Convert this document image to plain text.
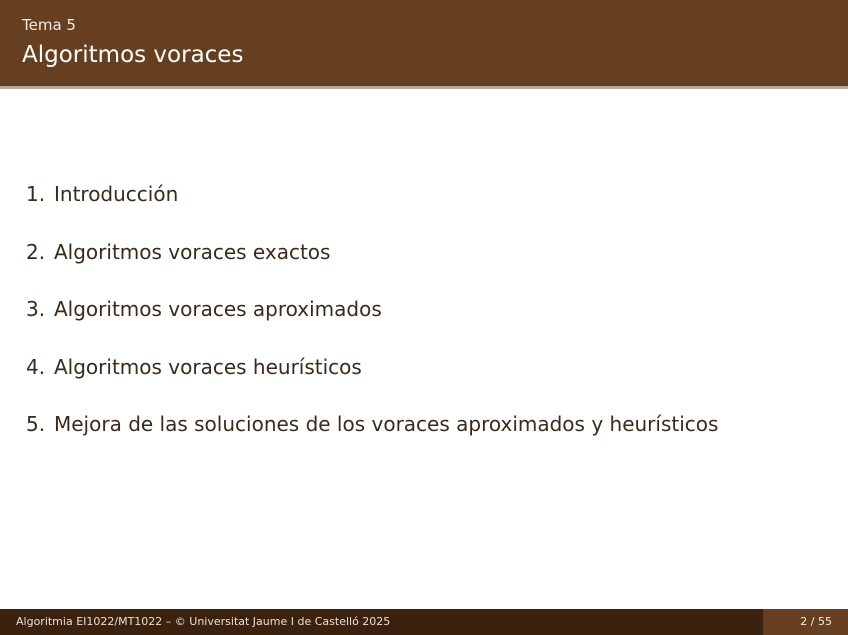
Tema 5
Algoritmos voraces
1. Introducción
2. Algoritmos voraces exactos
3. Algoritmos voraces aproximados
4. Algoritmos voraces heurísticos
5. Mejora de las soluciones de los voraces aproximados y heurísticos
Algoritmia EI1022/MT1022 – © Universitat Jaume I de Castelló 2025	2 / 55
